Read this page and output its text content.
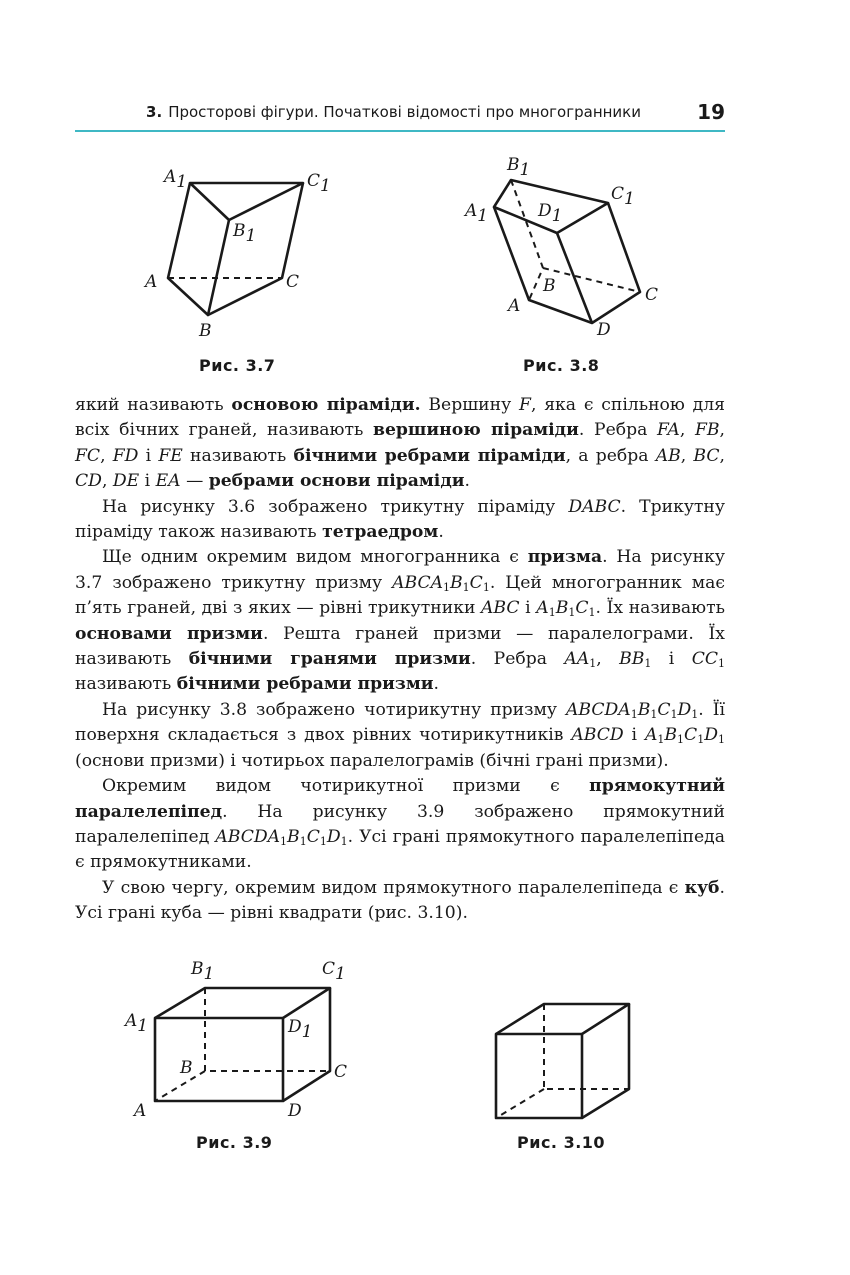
3. Просторові фігури. Початкові відомості про многогранники	19
A1	C1
B1
A	C
B
Рис. 3.7
B1
A1	D1
C1
B
A
C
D
Рис. 3.8

який називають основою піраміди. Вершину F, яка є спільною для всіх бічних граней, називають вершиною піраміди. Ребра FA, FB, FC, FD і FE називають бічними ребрами піраміди, а ребра AB, BC, CD, DE і EA — ребрами основи піраміди.

На рисунку 3.6 зображено трикутну піраміду DABC. Трикутну піраміду також називають тетраедром.

Ще одним окремим видом многогранника є призма. На рисунку 3.7 зображено трикутну призму $ABCA_1B_1C_1$. Цей многогранник має п’ять граней, дві з яких — рівні трикутники ABC і $A_1B_1C_1$. Їх називають основами призми. Решта граней призми — паралелограми. Їх називають бічними гранями призми. Ребра $AA_1$, $BB_1$ і $CC_1$ називають бічними ребрами призми.

На рисунку 3.8 зображено чотирикутну призму $ABCDA_1B_1C_1D_1$. Її поверхня складається з двох рівних чотирикутників ABCD і $A_1B_1C_1D_1$ (основи призми) і чотирьох паралелограмів (бічні грані призми).

Окремим видом чотирикутної призми є прямокутний паралелепіпед. На рисунку 3.9 зображено прямокутний паралелепіпед $ABCDA_1B_1C_1D_1$. Усі грані прямокутного паралелепіпеда є прямокутниками.

У свою чергу, окремим видом прямокутного паралелепіпеда є куб. Усі грані куба — рівні квадрати (рис. 3.10).

B1	C1
A1	D1
B	C
A	D
Рис. 3.9	Рис. 3.10
